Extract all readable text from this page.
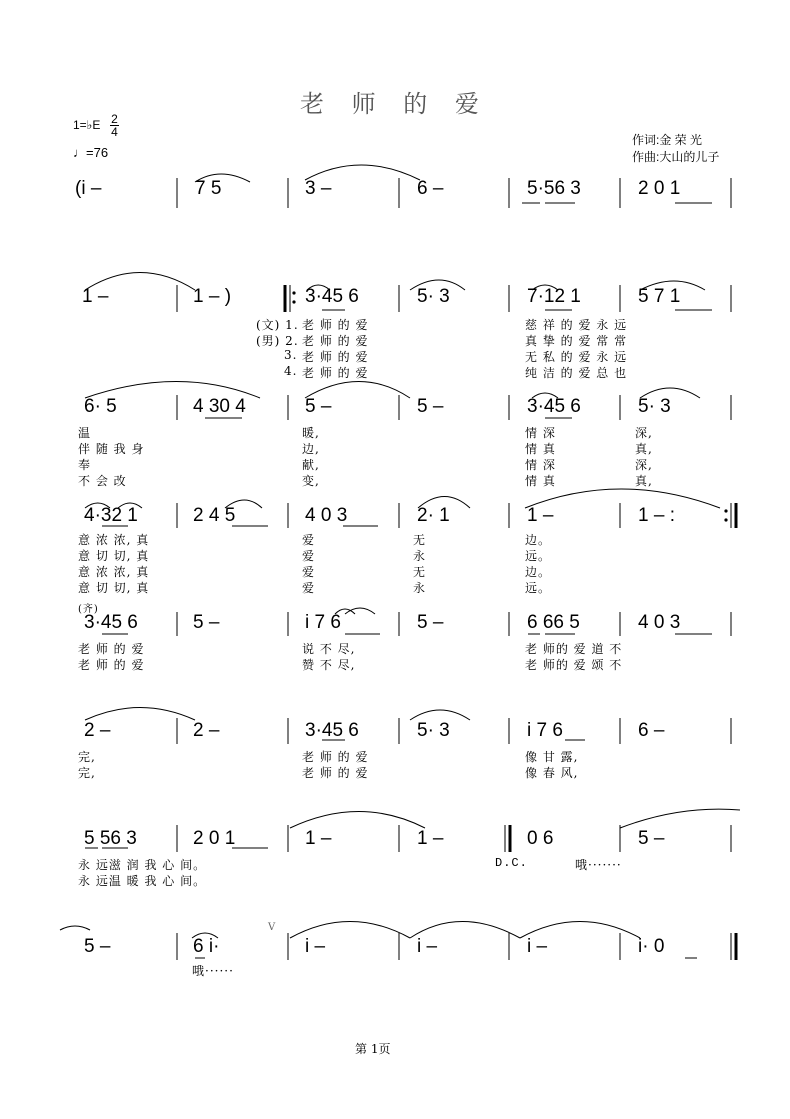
老 师 的 爱
1=♭E 2
4
♩=76
作词:金 荣 光
作曲:大山的儿子
(i –	7 5	3 –	6 –	5·56 3	2 0 1
1 –	1 – )	3·45 6	5· 3	7·12 1	5 7 1
(文) 1. 老 师 的 爱	慈 祥 的 爱 永 远
(男) 2. 老 师 的 爱	真 挚 的 爱 常 常
3. 老 师 的 爱	无 私 的 爱 永 远
4. 老 师 的 爱	纯 洁 的 爱 总 也
6· 5	4 30 4	5 –	5 –	3·45 6	5· 3
温	暖,	情 深	深,
伴 随 我 身	边,	情 真	真,
奉	献,	情 深	深,
不 会 改	变,	情 真	真,
4·32 1	2 4 5	4 0 3	2· 1	1 –	1 – :
意 浓 浓, 真	爱	无	边。
意 切 切, 真	爱	永	远。
意 浓 浓, 真	爱	无	边。
意 切 切, 真	爱	永	远。
(齐)
3·45 6	5 –	i 7 6	5 –	6 66 5	4 0 3
老 师 的 爱	说 不 尽,	老 师的 爱 道 不
老 师 的 爱	赞 不 尽,	老 师的 爱 颂 不
2 –	2 –	3·45 6	5· 3	i 7 6	6 –
完,	老 师 的 爱	像 甘 露,
完,	老 师 的 爱	像 春 风,
5 56 3	2 0 1	1 –	1 –	0 6	5 –
永 远滋 润 我 心 间。	D.C.	哦·······
永 远温 暖 我 心 间。
V
5 –	6 i·	i –	i –	i –	i· 0
哦······
第 1页
